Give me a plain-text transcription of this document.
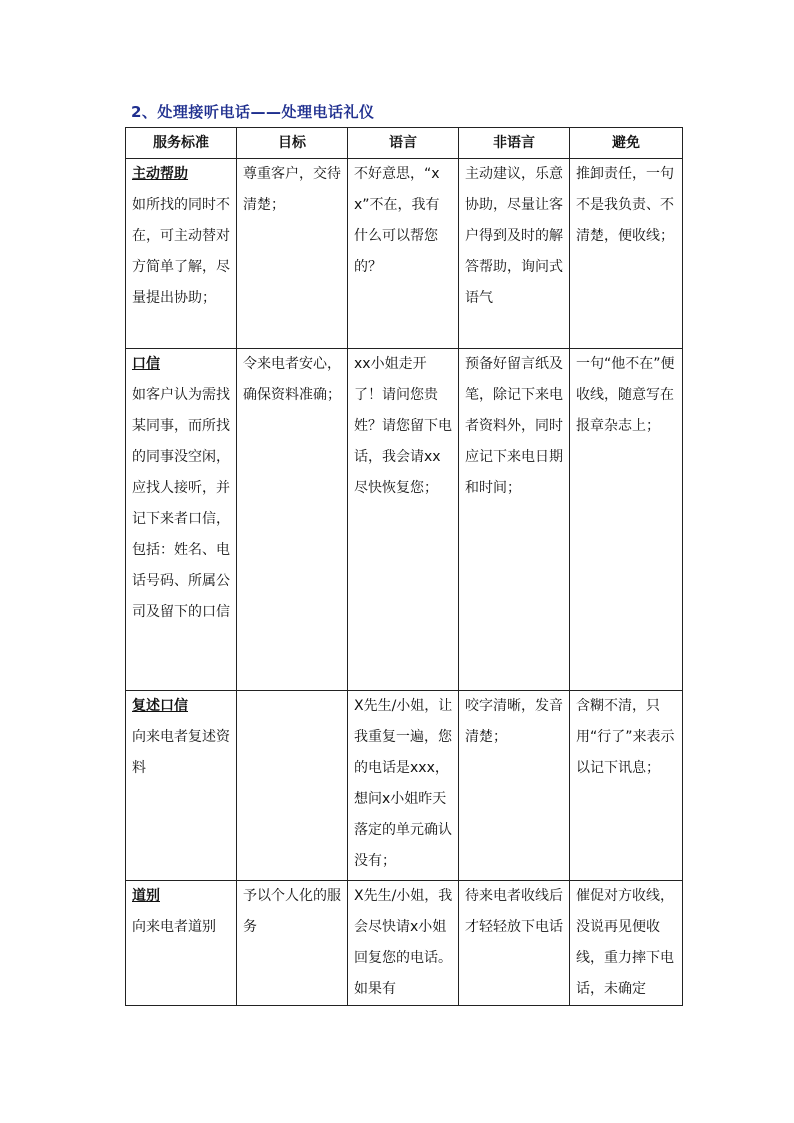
2、处理接听电话——处理电话礼仪
服务标准	目标	语言	非语言	避免

主动帮助
如所找的同时不在，可主动替对方简单了解，尽量提出协助；	尊重客户，交待清楚；	不好意思，“xx”不在，我有什么可以帮您的？	主动建议，乐意协助，尽量让客户得到及时的解答帮助，询问式语气	推卸责任，一句不是我负责、不清楚，便收线；

口信
如客户认为需找某同事，而所找的同事没空闲，应找人接听，并记下来者口信，包括：姓名、电话号码、所属公司及留下的口信	令来电者安心，确保资料准确；	xx小姐走开了！请问您贵姓？请您留下电话，我会请xx尽快恢复您；	预备好留言纸及笔，除记下来电者资料外，同时应记下来电日期和时间；	一句“他不在”便收线，随意写在报章杂志上；

复述口信
向来电者复述资料		X先生/小姐，让我重复一遍，您的电话是xxx，想问x小姐昨天落定的单元确认没有；	咬字清晰，发音清楚；	含糊不清，只用“行了”来表示以记下讯息；

道别
向来电者道别	予以个人化的服务	X先生/小姐，我会尽快请x小姐回复您的电话。如果有	待来电者收线后才轻轻放下电话	催促对方收线，没说再见便收线，重力摔下电话，未确定
